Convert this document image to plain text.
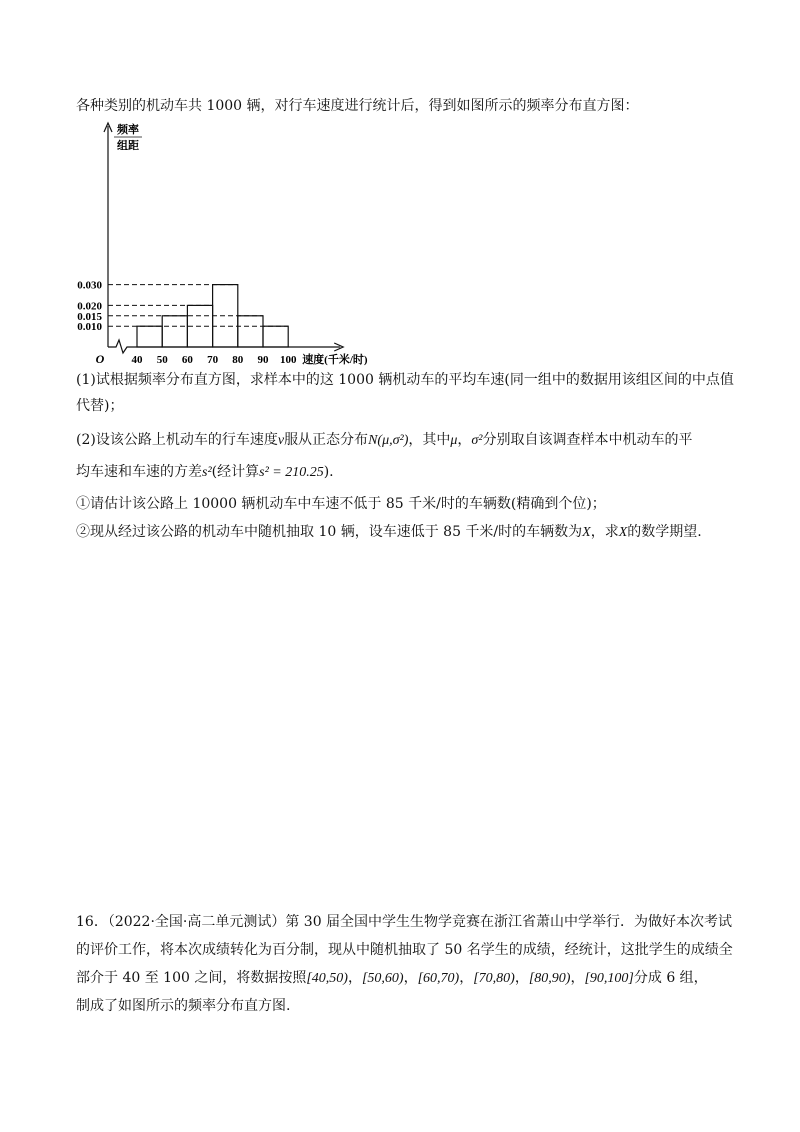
各种类别的机动车共 1000 辆，对行车速度进行统计后，得到如图所示的频率分布直方图：
频率
组距
0.030
0.020
0.015
0.010
40 50 60 70 80 90 100
O	速度(千米/时)
(1)试根据频率分布直方图，求样本中的这 1000 辆机动车的平均车速(同一组中的数据用该组区间的中点值
代替)；
(2)设该公路上机动车的行车速度v服从正态分布N(μ,σ²)，其中μ，σ²分别取自该调查样本中机动车的平
均车速和车速的方差s²(经计算s² = 210.25).
①请估计该公路上 10000 辆机动车中车速不低于 85 千米/时的车辆数(精确到个位)；
②现从经过该公路的机动车中随机抽取 10 辆，设车速低于 85 千米/时的车辆数为X，求X的数学期望.
16．（2022·全国·高二单元测试）第 30 届全国中学生生物学竞赛在浙江省萧山中学举行．为做好本次考试
的评价工作，将本次成绩转化为百分制，现从中随机抽取了 50 名学生的成绩，经统计，这批学生的成绩全
部介于 40 至 100 之间，将数据按照[40,50)，[50,60)，[60,70)，[70,80)，[80,90)，[90,100]分成 6 组，
制成了如图所示的频率分布直方图.
